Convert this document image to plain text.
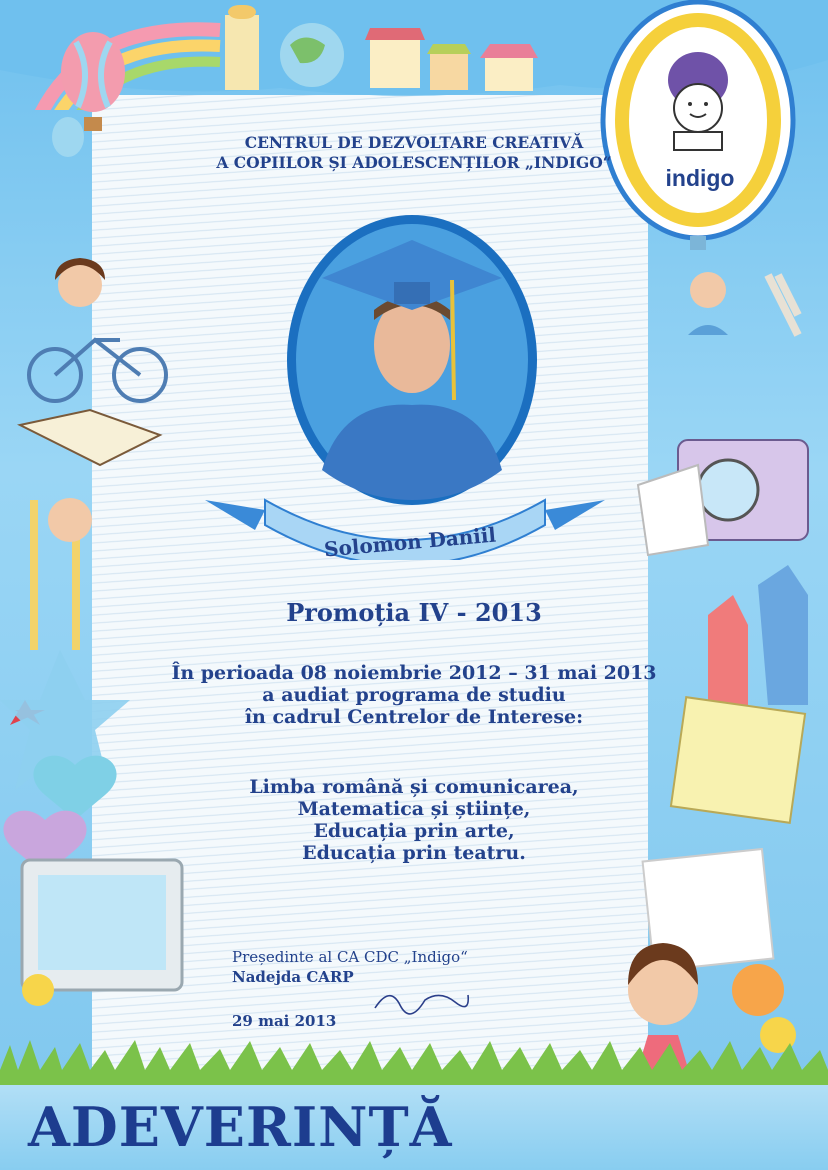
indigo
CENTRUL DE DEZVOLTARE CREATIVĂ
A COPIILOR ȘI ADOLESCENȚILOR „INDIGO“
Solomon Daniil
Promoția IV - 2013
În perioada 08 noiembrie 2012 – 31 mai 2013
a audiat programa de studiu
în cadrul Centrelor de Interese:
Limba română și comunicarea,
Matematica și științe,
Educația prin arte,
Educația prin teatru.
Președinte al CA CDC „Indigo“
Nadejda CARP
29 mai 2013
ADEVERINȚĂ
